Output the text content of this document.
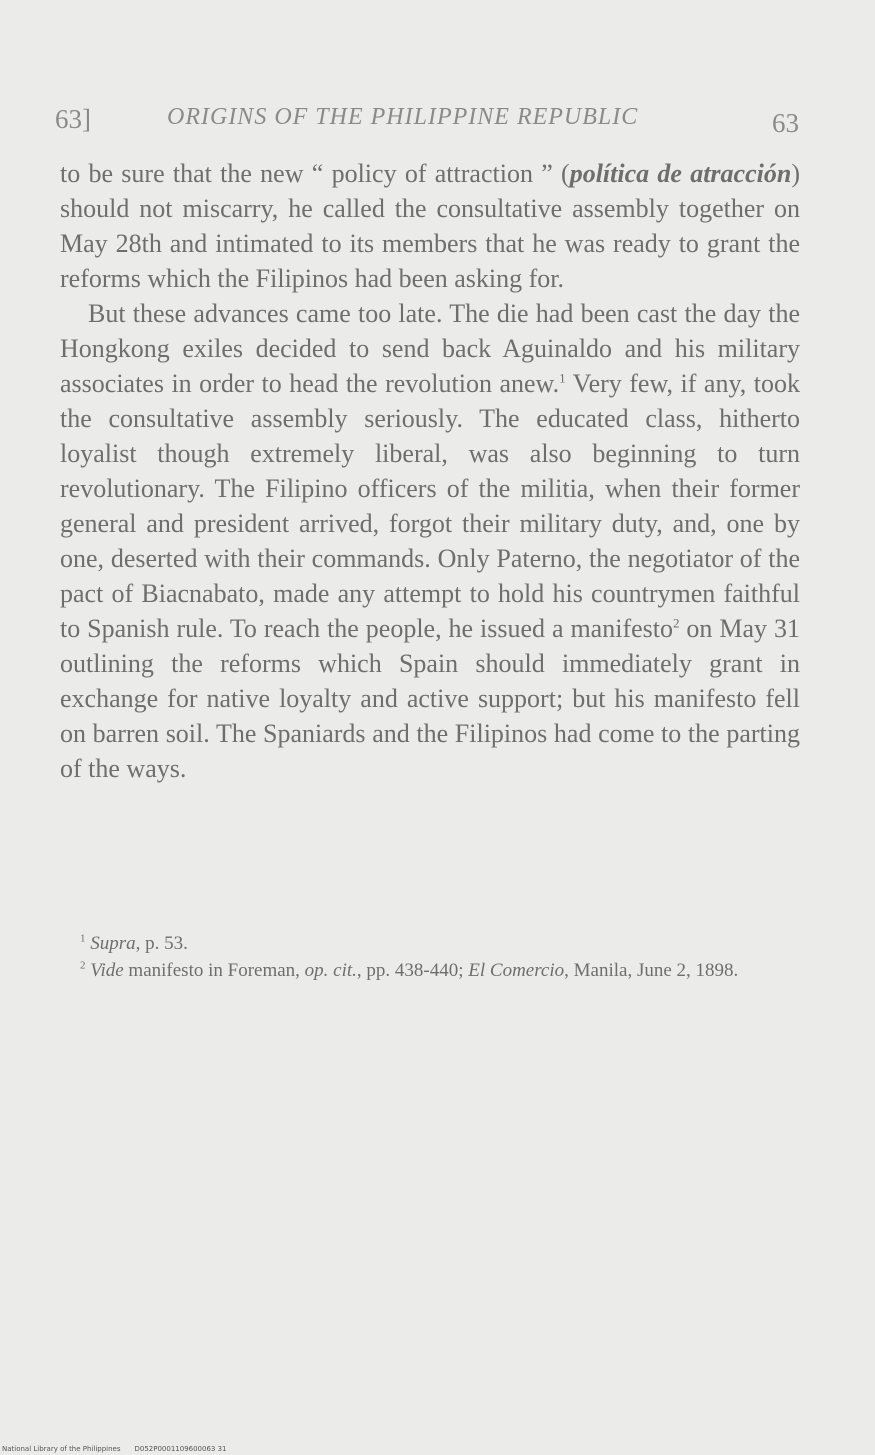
63]	ORIGINS OF THE PHILIPPINE REPUBLIC	63

to be sure that the new “ policy of attraction ” (política de atracción) should not miscarry, he called the consultative assembly together on May 28th and intimated to its members that he was ready to grant the reforms which the Filipinos had been asking for.

But these advances came too late. The die had been cast the day the Hongkong exiles decided to send back Aguinaldo and his military associates in order to head the revolution anew.$^1$ Very few, if any, took the consultative assembly seriously. The educated class, hitherto loyalist though extremely liberal, was also beginning to turn revolutionary. The Filipino officers of the militia, when their former general and president arrived, forgot their military duty, and, one by one, deserted with their commands. Only Paterno, the negotiator of the pact of Biacnabato, made any attempt to hold his countrymen faithful to Spanish rule. To reach the people, he issued a manifesto$^2$ on May 31 outlining the reforms which Spain should immediately grant in exchange for native loyalty and active support; but his manifesto fell on barren soil. The Spaniards and the Filipinos had come to the parting of the ways.

$^1$ Supra, p. 53.

$^2$ Vide manifesto in Foreman, op. cit., pp. 438-440; El Comercio, Manila, June 2, 1898.

National Library of the Philippines D052P0001109600063 31
